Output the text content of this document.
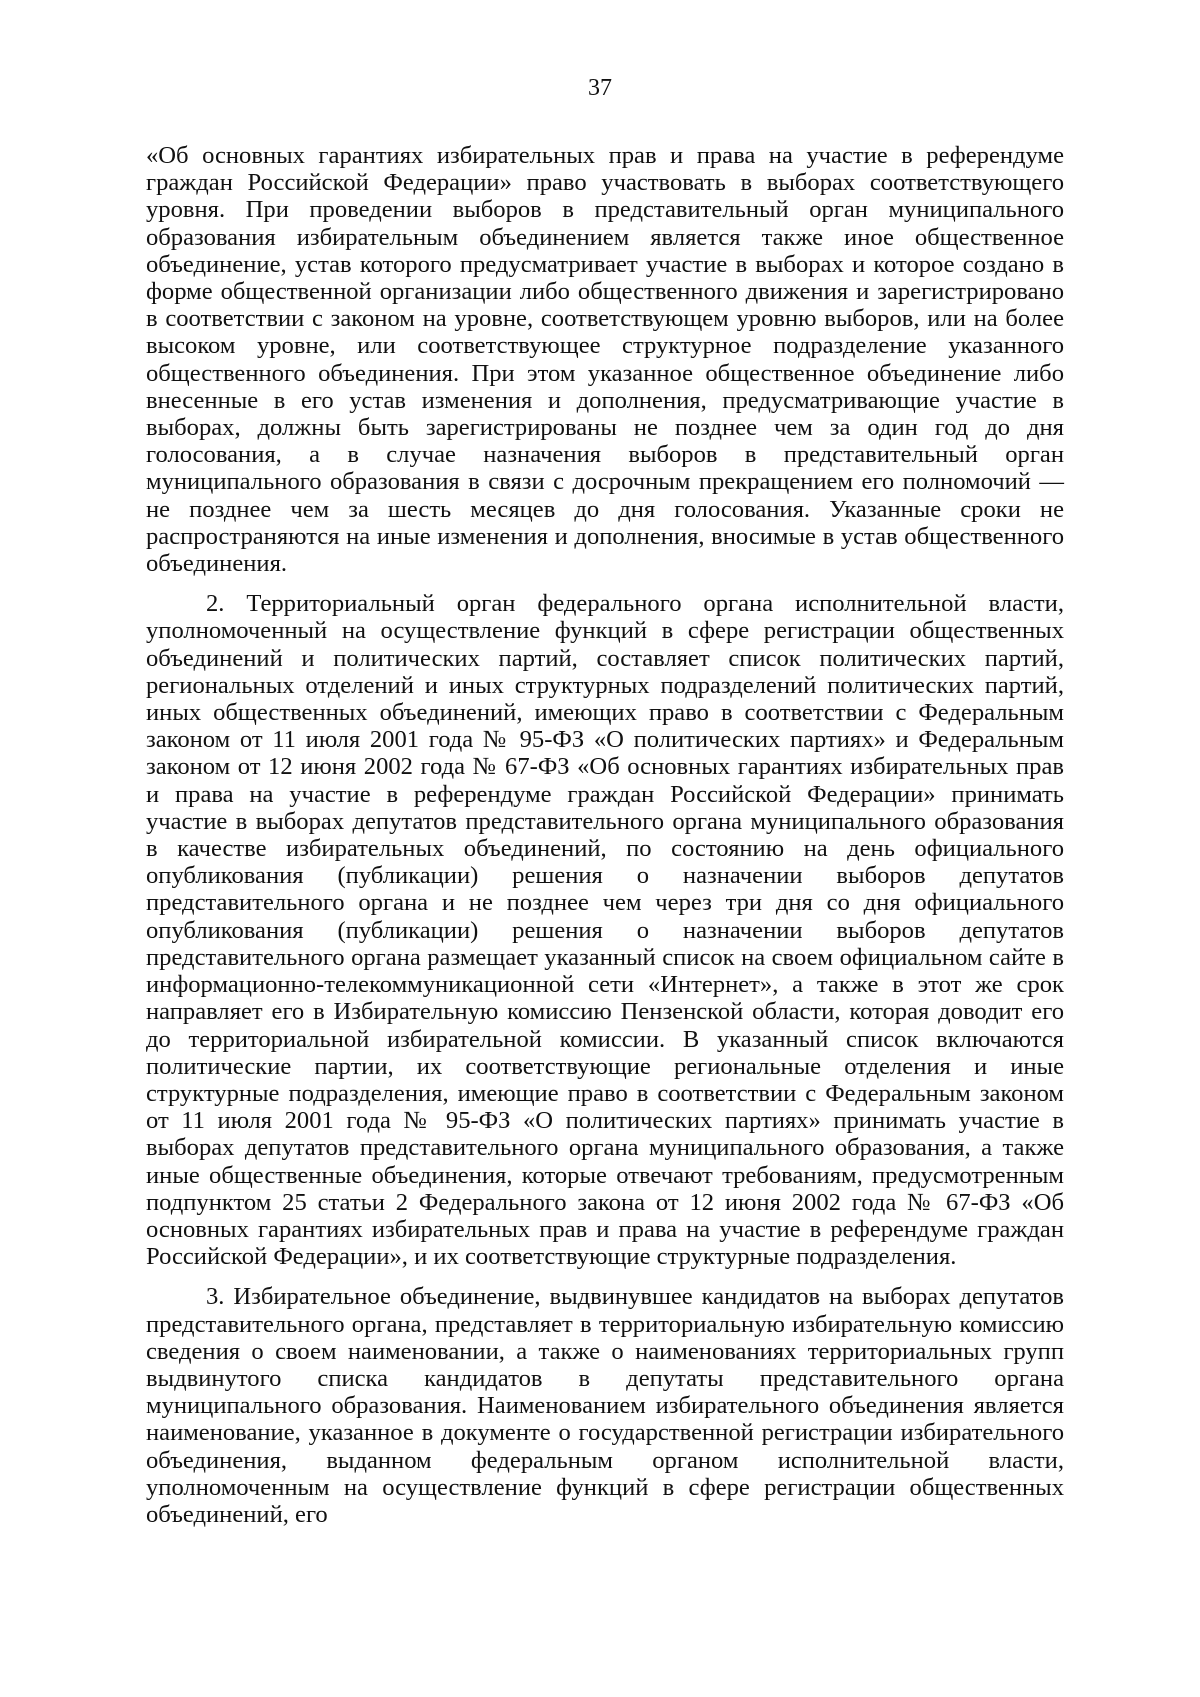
37

«Об основных гарантиях избирательных прав и права на участие в референдуме граждан Российской Федерации» право участвовать в выборах соответствующего уровня. При проведении выборов в представительный орган муниципального образования избирательным объединением является также иное общественное объединение, устав которого предусматривает участие в выборах и которое создано в форме общественной организации либо общественного движения и зарегистрировано в соответствии с законом на уровне, соответствующем уровню выборов, или на более высоком уровне, или соответствующее структурное подразделение указанного общественного объединения. При этом указанное общественное объединение либо внесенные в его устав изменения и дополнения, предусматривающие участие в выборах, должны быть зарегистрированы не позднее чем за один год до дня голосования, а в случае назначения выборов в представительный орган муниципального образования в связи с досрочным прекращением его полномочий — не позднее чем за шесть месяцев до дня голосования. Указанные сроки не распространяются на иные изменения и дополнения, вносимые в устав общественного объединения.

2. Территориальный орган федерального органа исполнительной власти, уполномоченный на осуществление функций в сфере регистрации общественных объединений и политических партий, составляет список политических партий, региональных отделений и иных структурных подразделений политических партий, иных общественных объединений, имеющих право в соответствии с Федеральным законом от 11 июля 2001 года № 95-ФЗ «О политических партиях» и Федеральным законом от 12 июня 2002 года № 67-ФЗ «Об основных гарантиях избирательных прав и права на участие в референдуме граждан Российской Федерации» принимать участие в выборах депутатов представительного органа муниципального образования в качестве избирательных объединений, по состоянию на день официального опубликования (публикации) решения о назначении выборов депутатов представительного органа и не позднее чем через три дня со дня официального опубликования (публикации) решения о назначении выборов депутатов представительного органа размещает указанный список на своем официальном сайте в информационно-телекоммуникационной сети «Интернет», а также в этот же срок направляет его в Избирательную комиссию Пензенской области, которая доводит его до территориальной избирательной комиссии. В указанный список включаются политические партии, их соответствующие региональные отделения и иные структурные подразделения, имеющие право в соответствии с Федеральным законом от 11 июля 2001 года № 95-ФЗ «О политических партиях» принимать участие в выборах депутатов представительного органа муниципального образования, а также иные общественные объединения, которые отвечают требованиям, предусмотренным подпунктом 25 статьи 2 Федерального закона от 12 июня 2002 года № 67-ФЗ «Об основных гарантиях избирательных прав и права на участие в референдуме граждан Российской Федерации», и их соответствующие структурные подразделения.

3. Избирательное объединение, выдвинувшее кандидатов на выборах депутатов представительного органа, представляет в территориальную избирательную комиссию сведения о своем наименовании, а также о наименованиях территориальных групп выдвинутого списка кандидатов в депутаты представительного органа муниципального образования. Наименованием избирательного объединения является наименование, указанное в документе о государственной регистрации избирательного объединения, выданном федеральным органом исполнительной власти, уполномоченным на осуществление функций в сфере регистрации общественных объединений, его
